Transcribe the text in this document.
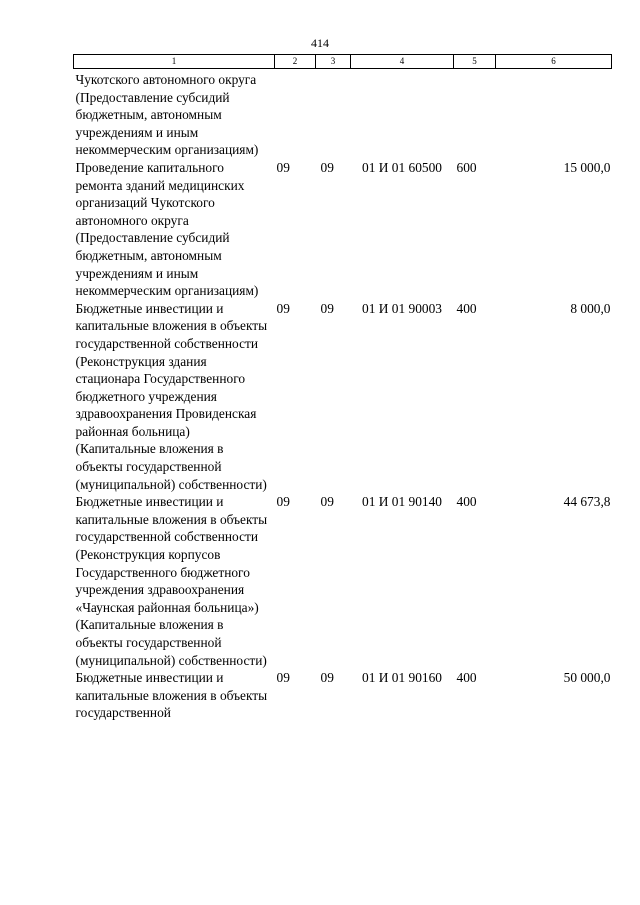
414
1	2	3	4	5	6
Чукотского автономного округа (Предоставление субсидий бюджетным, автономным учреждениям и иным некоммерческим организациям)					
Проведение капитального ремонта зданий медицинских организаций Чукотского автономного округа (Предоставление субсидий бюджетным, автономным учреждениям и иным некоммерческим организациям)	09	09	01 И 01 60500	600	15 000,0
Бюджетные инвестиции и капитальные вложения в объекты государственной собственности (Реконструкция здания стационара Государственного бюджетного учреждения здравоохранения Провиденская районная больница) (Капитальные вложения в объекты государственной (муниципальной) собственности)	09	09	01 И 01 90003	400	8 000,0
Бюджетные инвестиции и капитальные вложения в объекты государственной собственности (Реконструкция корпусов Государственного бюджетного учреждения здравоохранения «Чаунская районная больница») (Капитальные вложения в объекты государственной (муниципальной) собственности)	09	09	01 И 01 90140	400	44 673,8
Бюджетные инвестиции и капитальные вложения в объекты государственной	09	09	01 И 01 90160	400	50 000,0
